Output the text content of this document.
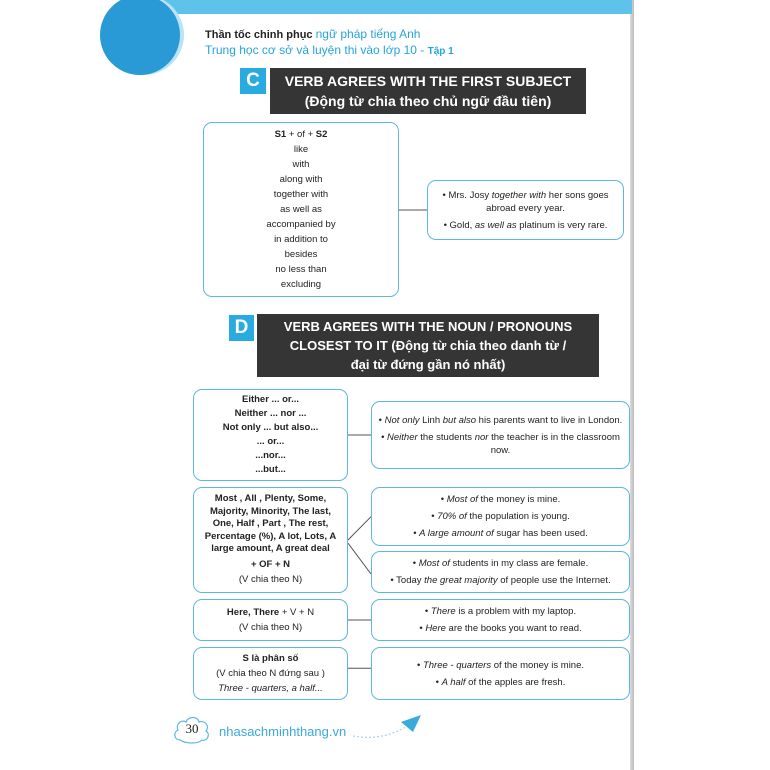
Thần tốc chinh phục ngữ pháp tiếng Anh
Trung học cơ sở và luyện thi vào lớp 10 - Tập 1
C	VERB AGREES WITH THE FIRST SUBJECT
(Động từ chia theo chủ ngữ đầu tiên)
S1 + of + S2
like
with
along with
together with
as well as
accompanied by
in addition to
besides
no less than
excluding
• Mrs. Josy together with her sons goes abroad every year.
• Gold, as well as platinum is very rare.
D	VERB AGREES WITH THE NOUN / PRONOUNS
CLOSEST TO IT (Động từ chia theo danh từ /
đại từ đứng gần nó nhất)
Either ... or...
Neither ... nor ...
Not only ... but also...
... or...
...nor...
...but...
• Not only Linh but also his parents want to live in London.
• Neither the students nor the teacher is in the classroom now.
Most , All , Plenty, Some, Majority, Minority, The last, One, Half , Part , The rest, Percentage (%), A lot, Lots, A large amount, A great deal
+ OF + N
(V chia theo N)
• Most of the money is mine.
• 70% of the population is young.
• A large amount of sugar has been used.
• Most of students in my class are female.
• Today the great majority of people use the Internet.
Here, There + V + N
(V chia theo N)
• There is a problem with my laptop.
• Here are the books you want to read.
S là phân số
(V chia theo N đứng sau )
Three - quarters, a half...
• Three - quarters of the money is mine.
• A half of the apples are fresh.
30	nhasachminhthang.vn
